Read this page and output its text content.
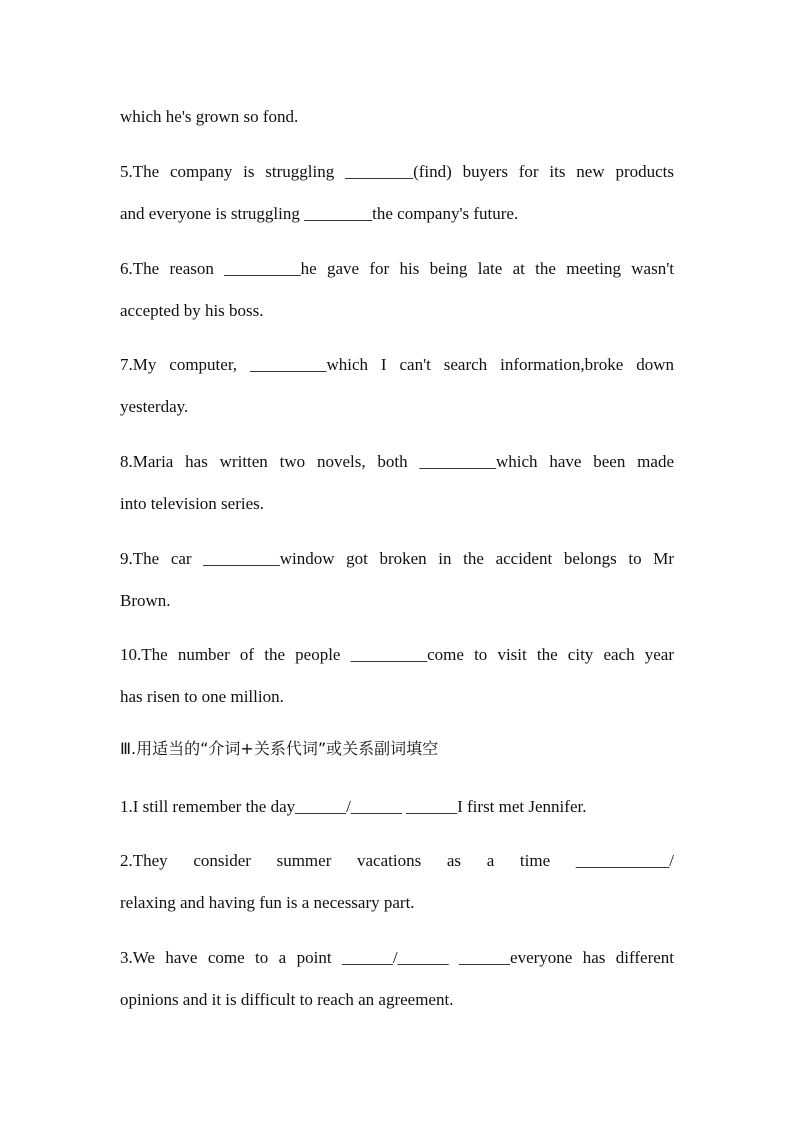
which he's grown so fond.
5.The company is struggling ________(find) buyers for its new products
and everyone is struggling ________the company's future.
6.The reason _________he gave for his being late at the meeting wasn't
accepted by his boss.
7.My computer, _________which I can't search information,broke down
yesterday.
8.Maria has written two novels, both _________which have been made
into television series.
9.The car _________window got broken in the accident belongs to Mr
Brown.
10.The number of the people _________come to visit the city each year
has risen to one million.
Ⅲ.用适当的“介词+关系代词”或关系副词填空
1.I still remember the day______/______ ______I first met Jennifer.
2.They consider summer vacations as a time ___________/
relaxing and having fun is a necessary part.
3.We have come to a point ______/______ ______everyone has different
opinions and it is difficult to reach an agreement.
